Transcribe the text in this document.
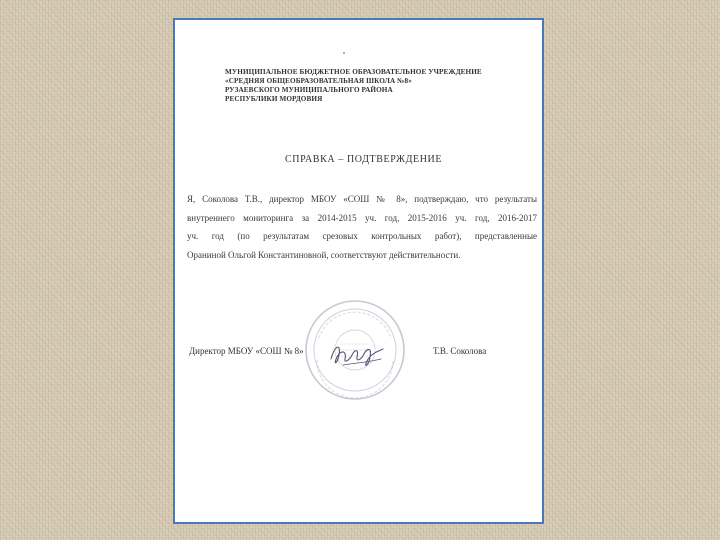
МУНИЦИПАЛЬНОЕ БЮДЖЕТНОЕ ОБРАЗОВАТЕЛЬНОЕ УЧРЕЖДЕНИЕ
«СРЕДНЯЯ ОБЩЕОБРАЗОВАТЕЛЬНАЯ ШКОЛА №8»
РУЗАЕВСКОГО МУНИЦИПАЛЬНОГО РАЙОНА
РЕСПУБЛИКИ МОРДОВИЯ
СПРАВКА – ПОДТВЕРЖДЕНИЕ
Я, Соколова Т.В., директор МБОУ «СОШ № 8», подтверждаю, что результаты
внутреннего мониторинга за 2014-2015 уч. год, 2015-2016 уч. год, 2016-2017
уч. год (по результатам срезовых контрольных работ), представленные
Ораниной Ольгой Константиновной, соответствуют действительности.
Директор МБОУ «СОШ № 8»	Т.В. Соколова
